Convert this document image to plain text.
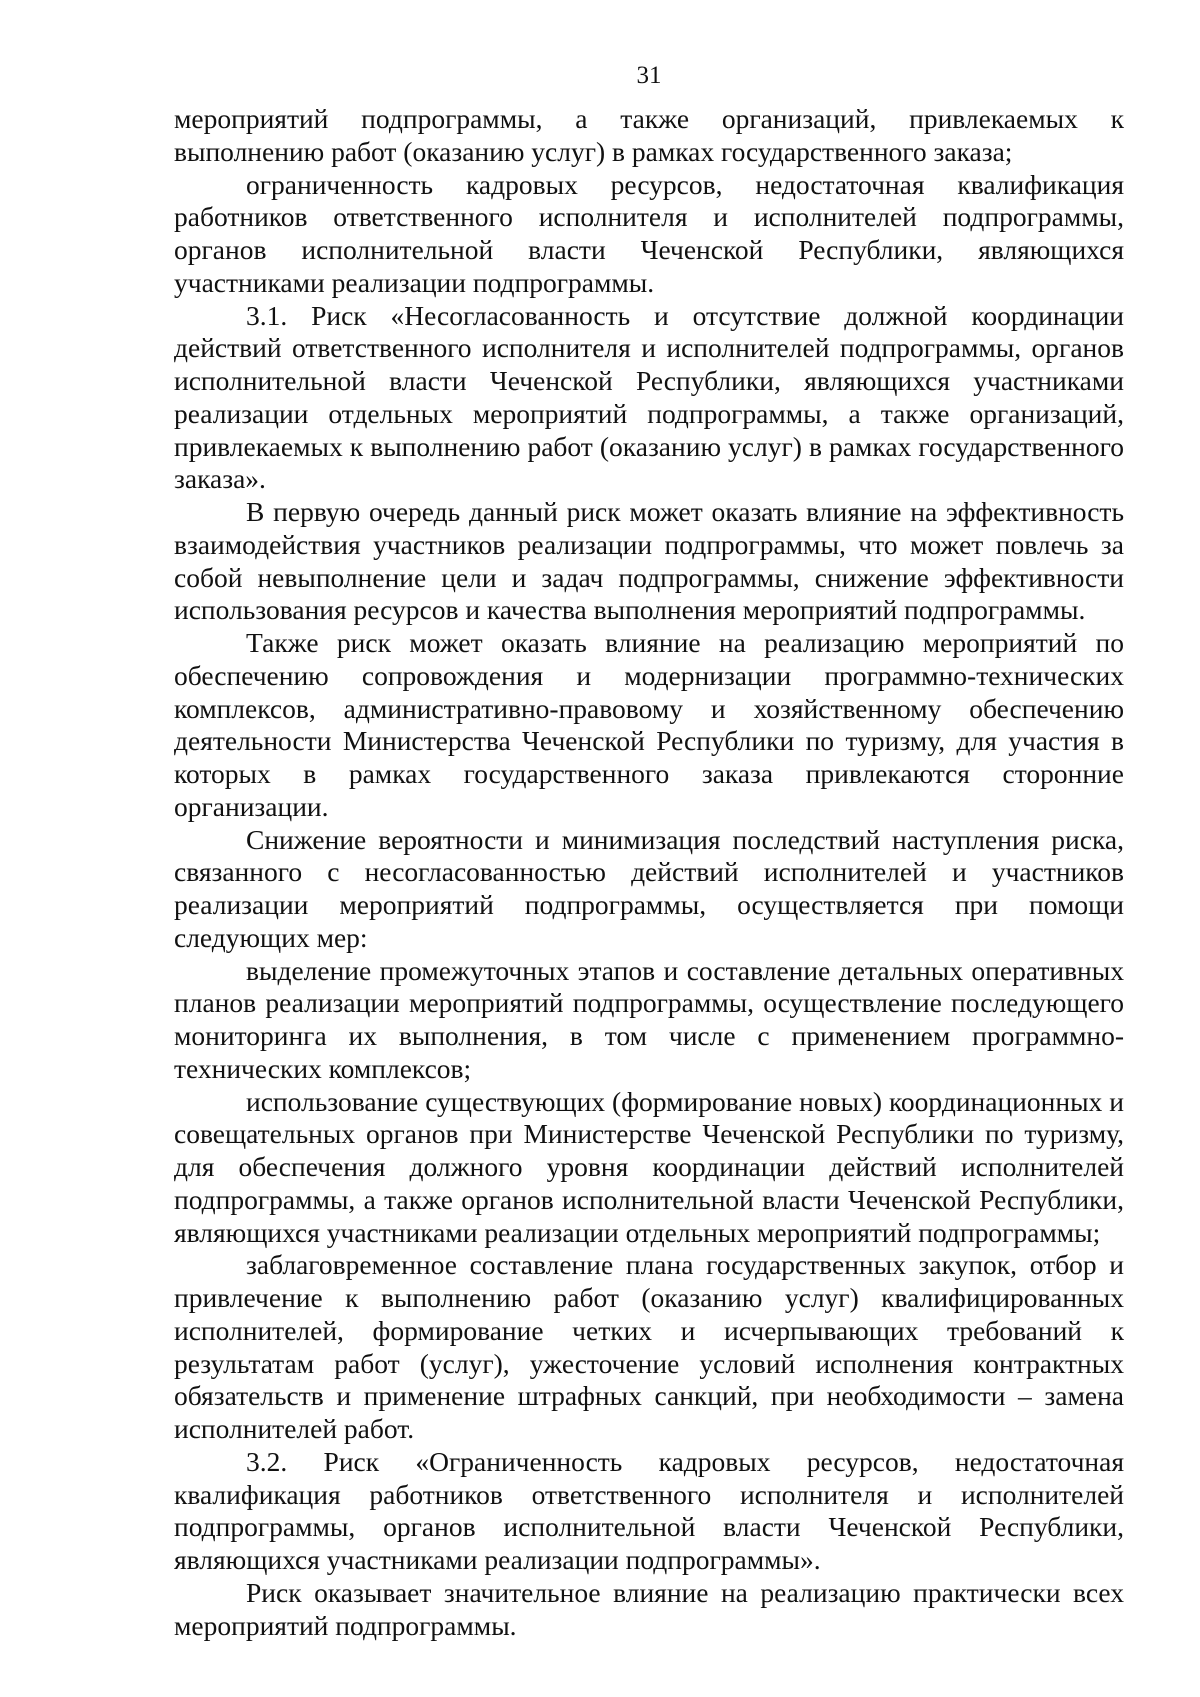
31

мероприятий подпрограммы, а также организаций, привлекаемых к выполнению работ (оказанию услуг) в рамках государственного заказа;

ограниченность кадровых ресурсов, недостаточная квалификация работников ответственного исполнителя и исполнителей подпрограммы, органов исполнительной власти Чеченской Республики, являющихся участниками реализации подпрограммы.

3.1. Риск «Несогласованность и отсутствие должной координации действий ответственного исполнителя и исполнителей подпрограммы, органов исполнительной власти Чеченской Республики, являющихся участниками реализации отдельных мероприятий подпрограммы, а также организаций, привлекаемых к выполнению работ (оказанию услуг) в рамках государственного заказа».

В первую очередь данный риск может оказать влияние на эффективность взаимодействия участников реализации подпрограммы, что может повлечь за собой невыполнение цели и задач подпрограммы, снижение эффективности использования ресурсов и качества выполнения мероприятий подпрограммы.

Также риск может оказать влияние на реализацию мероприятий по обеспечению сопровождения и модернизации программно-технических комплексов, административно-правовому и хозяйственному обеспечению деятельности Министерства Чеченской Республики по туризму, для участия в которых в рамках государственного заказа привлекаются сторонние организации.

Снижение вероятности и минимизация последствий наступления риска, связанного с несогласованностью действий исполнителей и участников реализации мероприятий подпрограммы, осуществляется при помощи следующих мер:

выделение промежуточных этапов и составление детальных оперативных планов реализации мероприятий подпрограммы, осуществление последующего мониторинга их выполнения, в том числе с применением программно-технических комплексов;

использование существующих (формирование новых) координационных и совещательных органов при Министерстве Чеченской Республики по туризму, для обеспечения должного уровня координации действий исполнителей подпрограммы, а также органов исполнительной власти Чеченской Республики, являющихся участниками реализации отдельных мероприятий подпрограммы;

заблаговременное составление плана государственных закупок, отбор и привлечение к выполнению работ (оказанию услуг) квалифицированных исполнителей, формирование четких и исчерпывающих требований к результатам работ (услуг), ужесточение условий исполнения контрактных обязательств и применение штрафных санкций, при необходимости – замена исполнителей работ.

3.2. Риск «Ограниченность кадровых ресурсов, недостаточная квалификация работников ответственного исполнителя и исполнителей подпрограммы, органов исполнительной власти Чеченской Республики, являющихся участниками реализации подпрограммы».

Риск оказывает значительное влияние на реализацию практически всех мероприятий подпрограммы.
